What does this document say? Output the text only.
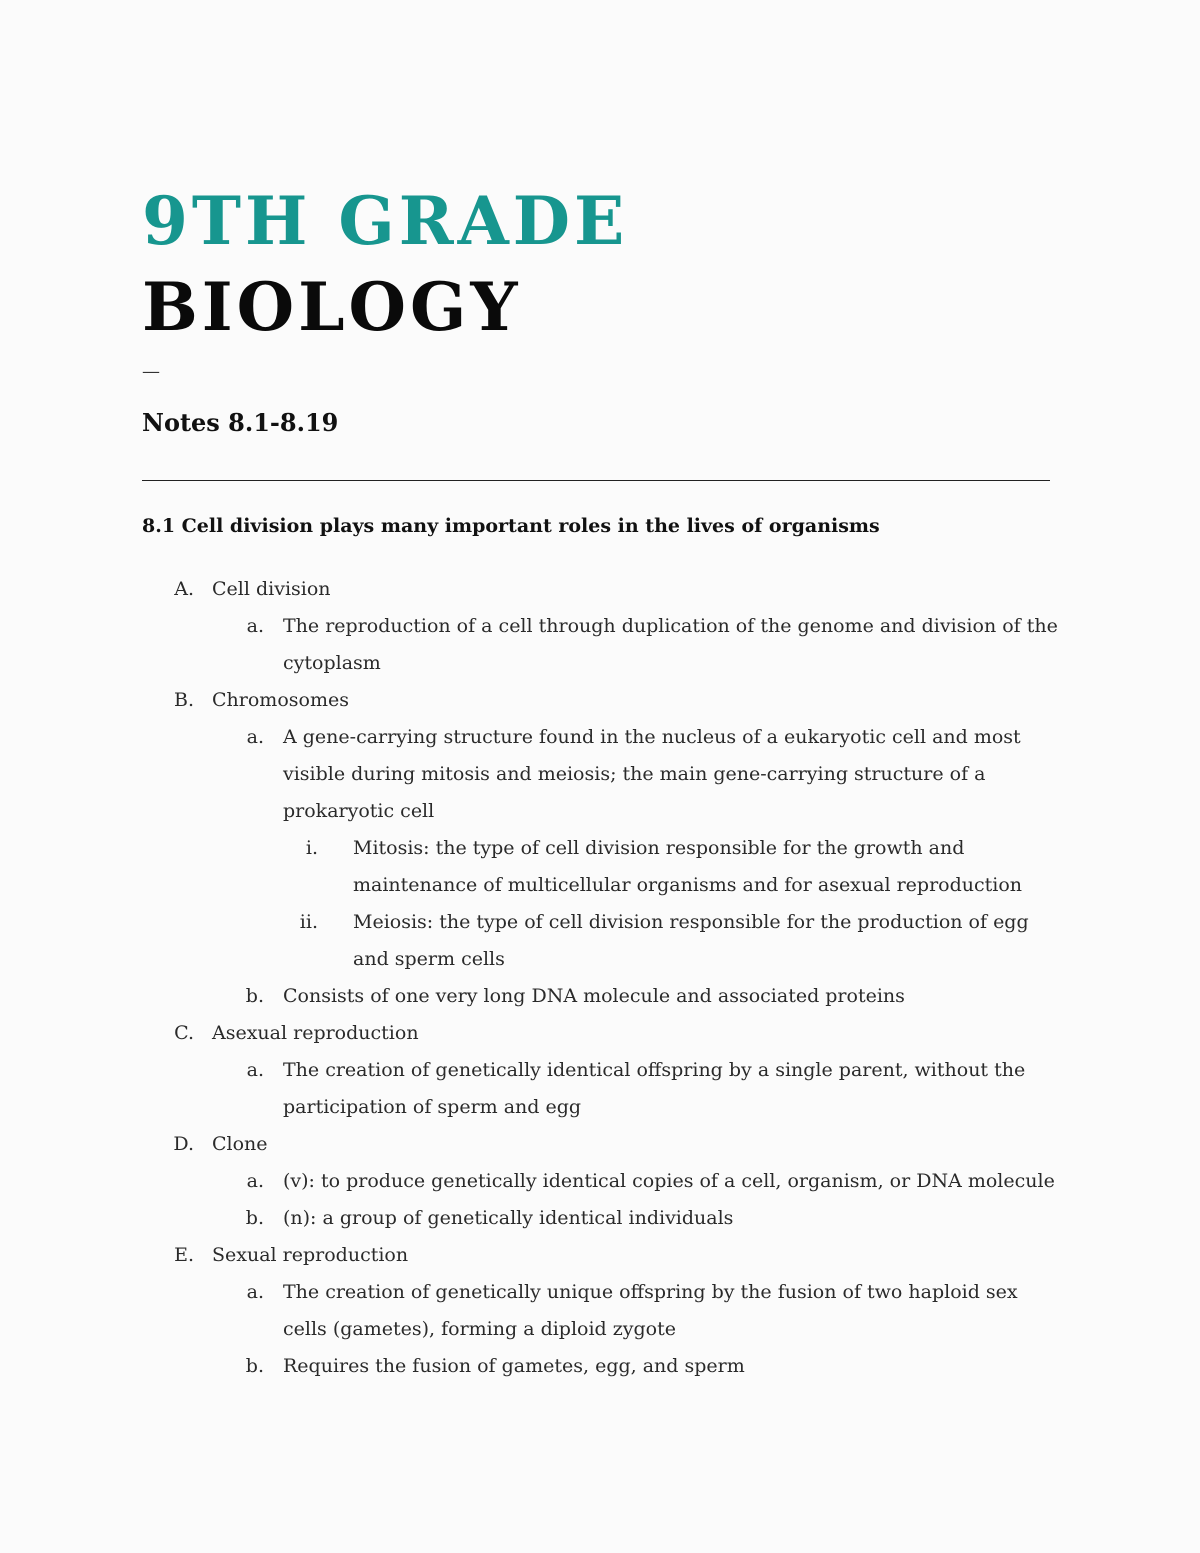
9TH GRADE
BIOLOGY
—
Notes 8.1-8.19
8.1 Cell division plays many important roles in the lives of organisms
A. Cell division
a. The reproduction of a cell through duplication of the genome and division of the cytoplasm
B. Chromosomes
a. A gene-carrying structure found in the nucleus of a eukaryotic cell and most visible during mitosis and meiosis; the main gene-carrying structure of a prokaryotic cell
i. Mitosis: the type of cell division responsible for the growth and maintenance of multicellular organisms and for asexual reproduction
ii. Meiosis: the type of cell division responsible for the production of egg and sperm cells
b. Consists of one very long DNA molecule and associated proteins
C. Asexual reproduction
a. The creation of genetically identical offspring by a single parent, without the participation of sperm and egg
D. Clone
a. (v): to produce genetically identical copies of a cell, organism, or DNA molecule
b. (n): a group of genetically identical individuals
E. Sexual reproduction
a. The creation of genetically unique offspring by the fusion of two haploid sex cells (gametes), forming a diploid zygote
b. Requires the fusion of gametes, egg, and sperm
